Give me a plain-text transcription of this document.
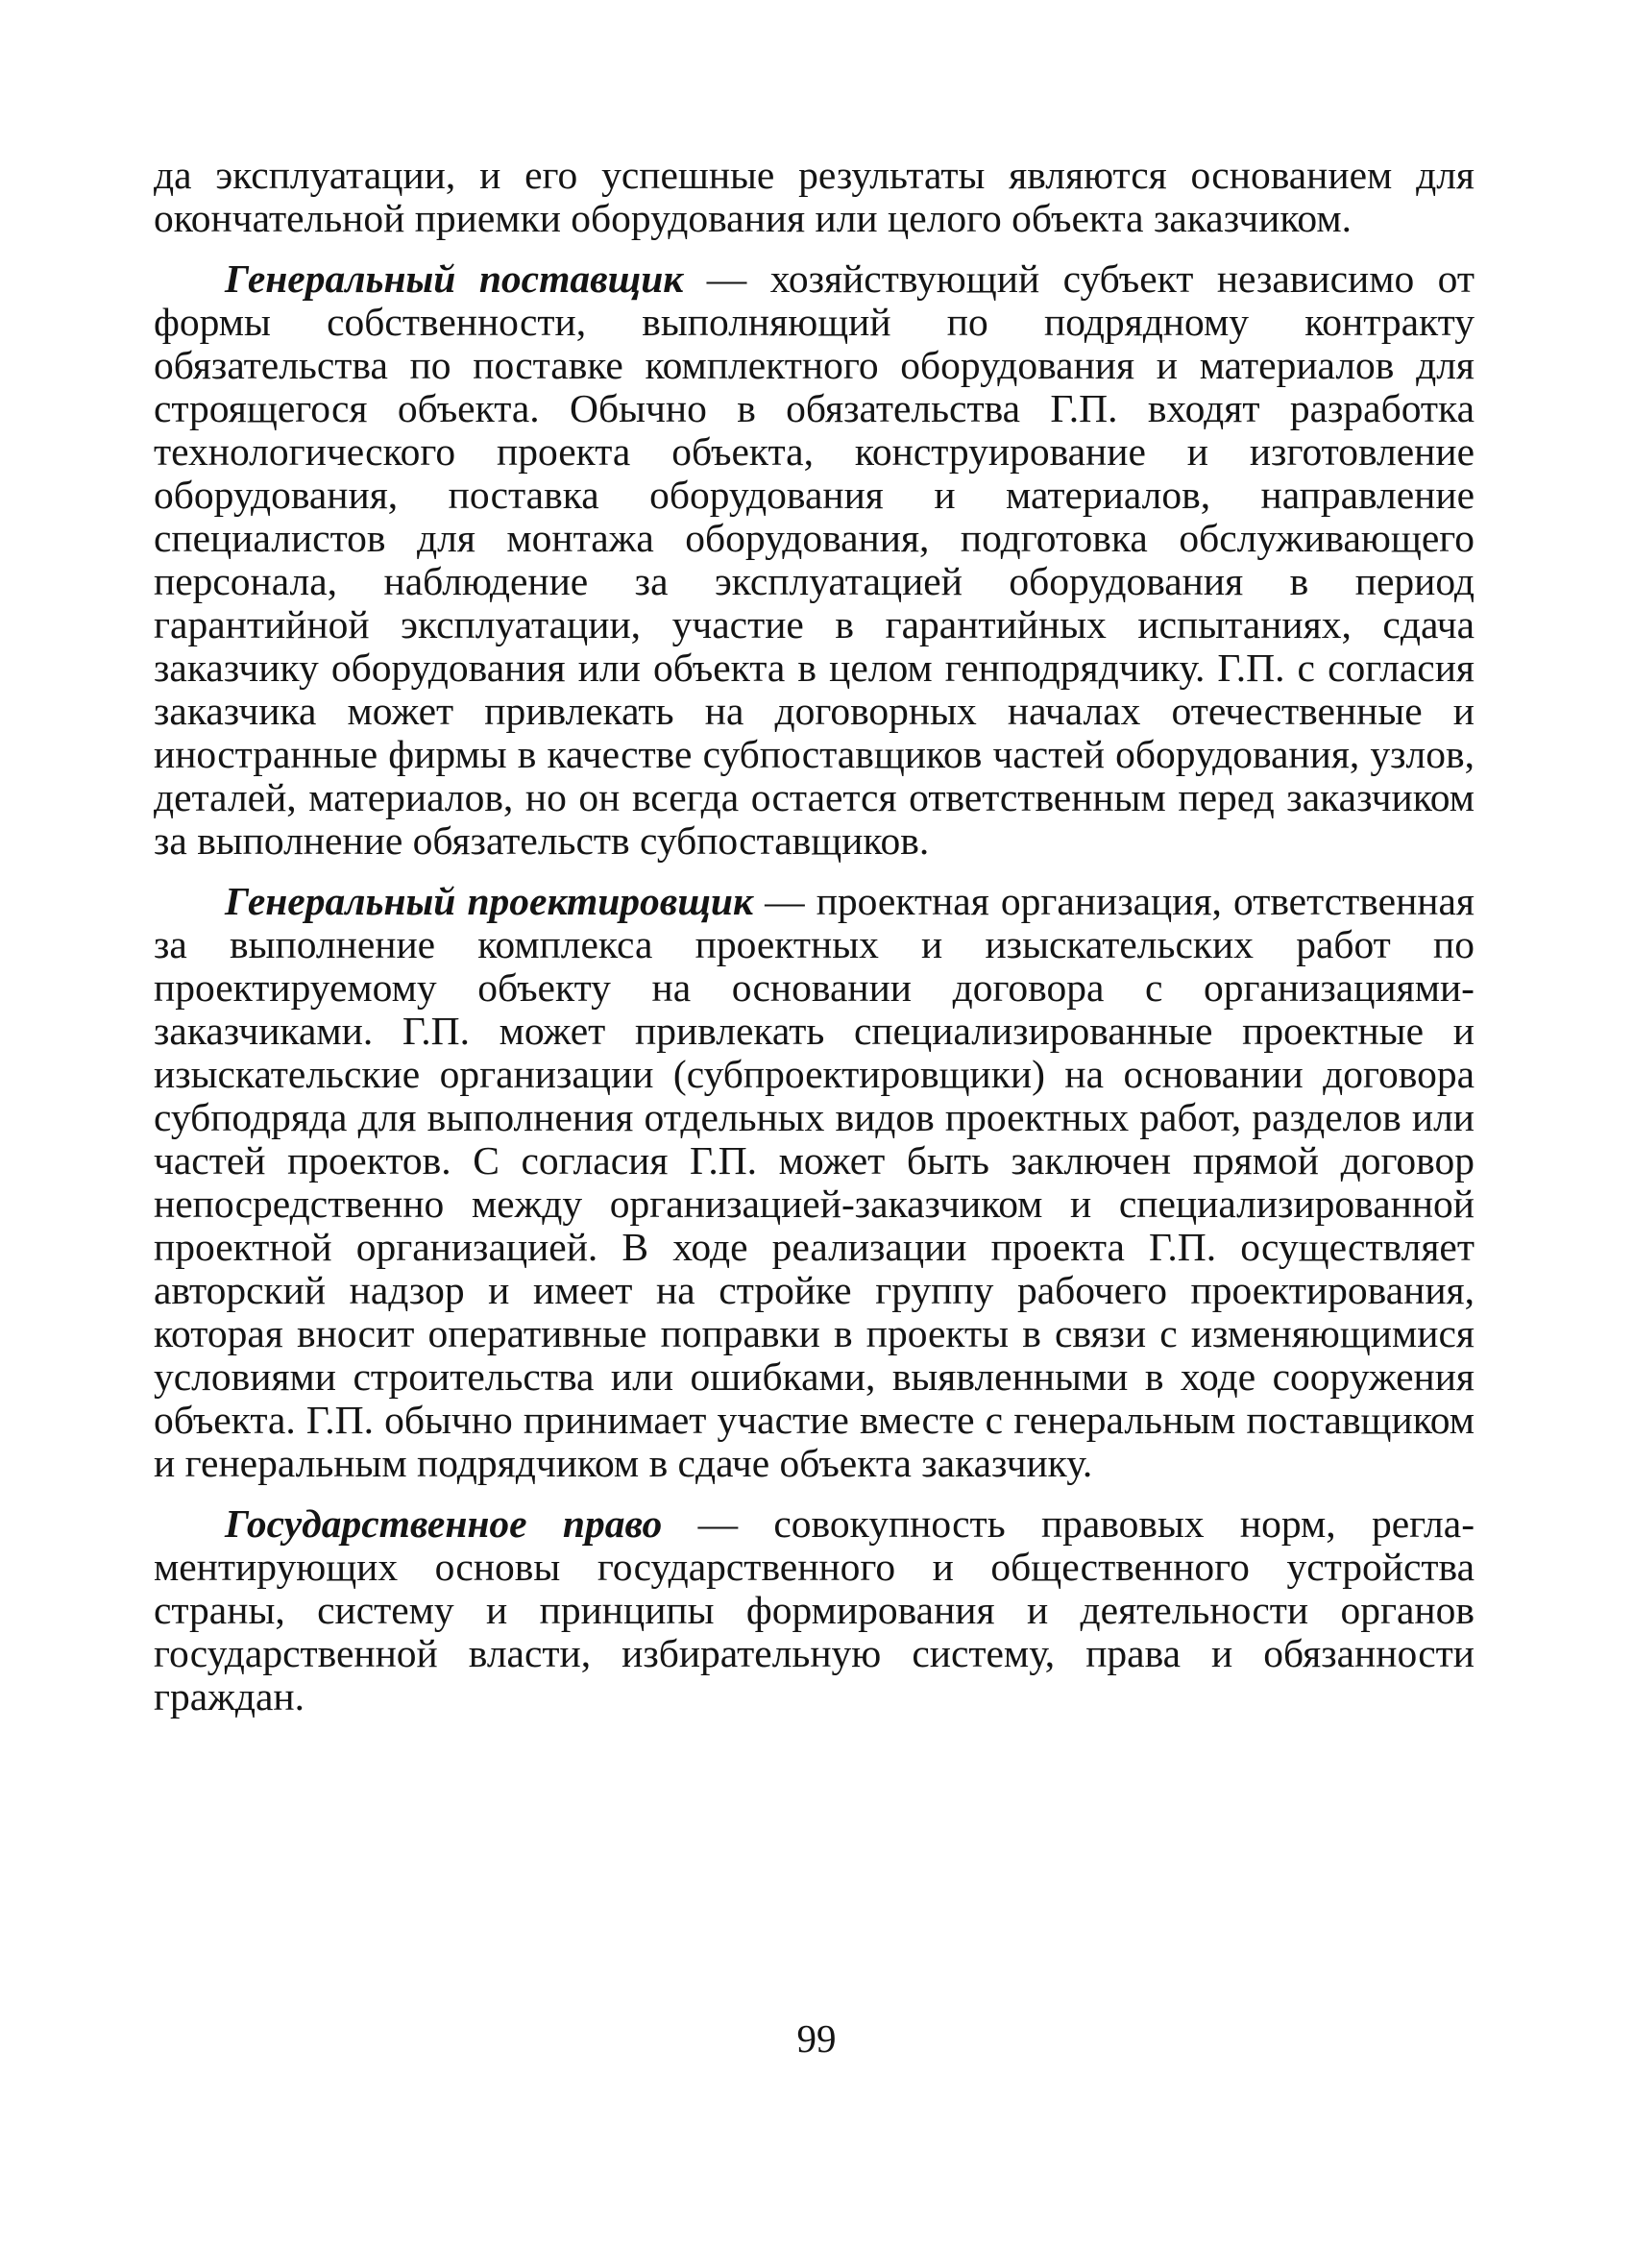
да эксплуатации, и его успешные результаты являются основанием для окончательной приемки оборудования или целого объекта заказчиком.

Генеральный поставщик — хозяйствующий субъект независимо от формы собственности, выполняющий по подрядному контракту обязательства по поставке комплектного оборудования и материалов для строящегося объекта. Обычно в обязательства Г.П. входят разработка технологического проекта объекта, конструирование и изготовление оборудования, поставка оборудования и материалов, направление специалистов для монтажа оборудования, подготовка обслуживающего персонала, наблюдение за эксплуатацией оборудования в период гарантийной эксплуатации, участие в гарантийных испытаниях, сдача заказчику оборудования или объекта в целом генподрядчику. Г.П. с согласия заказчика может привлекать на договорных началах отечественные и иностранные фирмы в качестве субпоставщиков частей оборудования, узлов, деталей, материалов, но он всегда остается ответственным перед заказчиком за выполнение обязательств субпоставщиков.

Генеральный проектировщик — проектная организация, ответственная за выполнение комплекса проектных и изыскательских работ по проектируемому объекту на основании договора с организациями-заказчиками. Г.П. может привлекать специализированные проектные и изыскательские организации (субпроектировщики) на основании договора субподряда для выполнения отдельных видов проектных работ, разделов или частей проектов. С согласия Г.П. может быть заключен прямой договор непосредственно между организацией-заказчиком и специализированной проектной организацией. В ходе реализации проекта Г.П. осуществляет авторский надзор и имеет на стройке группу рабочего проектирования, которая вносит оперативные поправки в проекты в связи с изменяющимися условиями строительства или ошибками, выявленными в ходе сооружения объекта. Г.П. обычно принимает участие вместе с генеральным поставщиком и генеральным подрядчиком в сдаче объекта заказчику.

Государственное право — совокупность правовых норм, регламентирующих основы государственного и общественного устройства страны, систему и принципы формирования и деятельности органов государственной власти, избирательную систему, права и обязанности граждан.

99
